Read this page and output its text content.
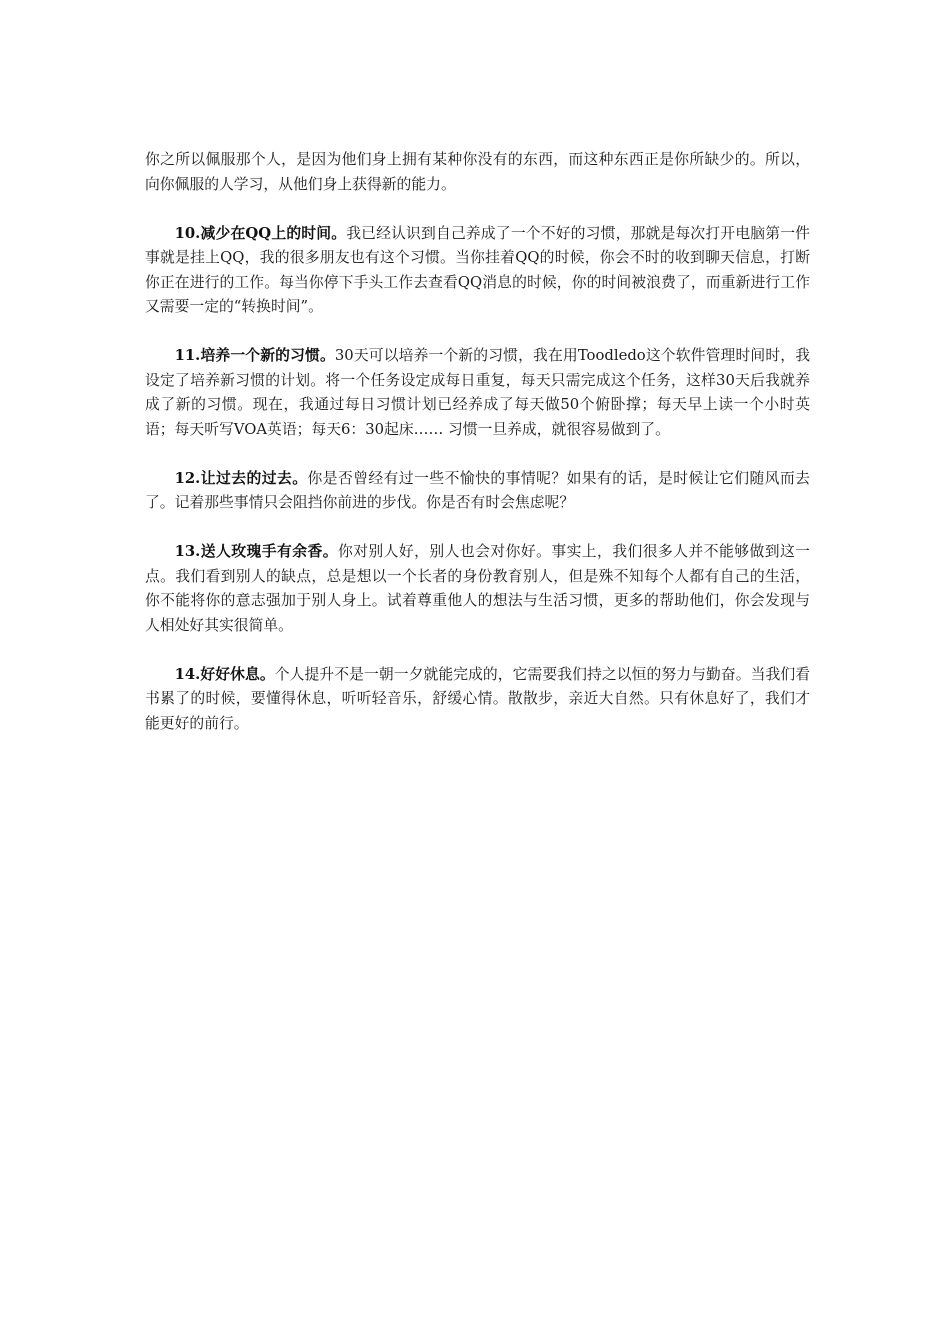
你之所以佩服那个人，是因为他们身上拥有某种你没有的东西，而这种东西正是你所缺少的。所以，向你佩服的人学习，从他们身上获得新的能力。

10.减少在QQ上的时间。我已经认识到自己养成了一个不好的习惯，那就是每次打开电脑第一件事就是挂上QQ，我的很多朋友也有这个习惯。当你挂着QQ的时候，你会不时的收到聊天信息，打断你正在进行的工作。每当你停下手头工作去查看QQ消息的时候，你的时间被浪费了，而重新进行工作又需要一定的“转换时间”。

11.培养一个新的习惯。30天可以培养一个新的习惯，我在用Toodledo这个软件管理时间时，我设定了培养新习惯的计划。将一个任务设定成每日重复，每天只需完成这个任务，这样30天后我就养成了新的习惯。现在，我通过每日习惯计划已经养成了每天做50个俯卧撑；每天早上读一个小时英语；每天听写VOA英语；每天6：30起床…… 习惯一旦养成，就很容易做到了。

12.让过去的过去。你是否曾经有过一些不愉快的事情呢？如果有的话，是时候让它们随风而去了。记着那些事情只会阻挡你前进的步伐。你是否有时会焦虑呢？

13.送人玫瑰手有余香。你对别人好，别人也会对你好。事实上，我们很多人并不能够做到这一点。我们看到别人的缺点，总是想以一个长者的身份教育别人，但是殊不知每个人都有自己的生活，你不能将你的意志强加于别人身上。试着尊重他人的想法与生活习惯，更多的帮助他们，你会发现与人相处好其实很简单。

14.好好休息。个人提升不是一朝一夕就能完成的，它需要我们持之以恒的努力与勤奋。当我们看书累了的时候，要懂得休息，听听轻音乐，舒缓心情。散散步，亲近大自然。只有休息好了，我们才能更好的前行。
